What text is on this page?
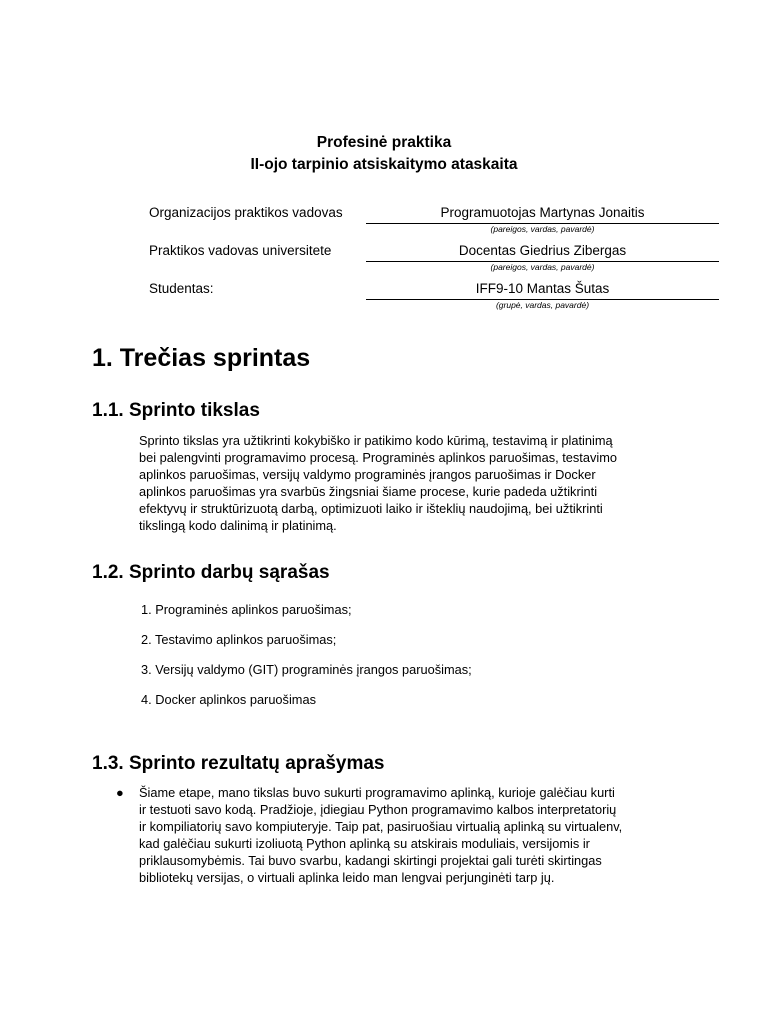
Profesinė praktika

II-ojo tarpinio atsiskaitymo ataskaita

Organizacijos praktikos vadovas	Programuotojas Martynas Jonaitis
(pareigos, vardas, pavardė)
Praktikos vadovas universitete	Docentas Giedrius Zibergas
(pareigos, vardas, pavardė)
Studentas:	IFF9-10 Mantas Šutas
(grupė, vardas, pavardė)
1. Trečias sprintas
1.1. Sprinto tikslas

Sprinto tikslas yra užtikrinti kokybiško ir patikimo kodo kūrimą, testavimą ir platinimą

bei palengvinti programavimo procesą. Programinės aplinkos paruošimas, testavimo

aplinkos paruošimas, versijų valdymo programinės įrangos paruošimas ir Docker

aplinkos paruošimas yra svarbūs žingsniai šiame procese, kurie padeda užtikrinti

efektyvų ir struktūrizuotą darbą, optimizuoti laiko ir išteklių naudojimą, bei užtikrinti

tikslingą kodo dalinimą ir platinimą.

1.2. Sprinto darbų sąrašas

1. Programinės aplinkos paruošimas;

2. Testavimo aplinkos paruošimas;

3. Versijų valdymo (GIT) programinės įrangos paruošimas;

4. Docker aplinkos paruošimas

1.3. Sprinto rezultatų aprašymas
● Šiame etape, mano tikslas buvo sukurti programavimo aplinką, kurioje galėčiau kurti

ir testuoti savo kodą. Pradžioje, įdiegiau Python programavimo kalbos interpretatorių

ir kompiliatorių savo kompiuteryje. Taip pat, pasiruošiau virtualią aplinką su virtualenv,

kad galėčiau sukurti izoliuotą Python aplinką su atskirais moduliais, versijomis ir

priklausomybėmis. Tai buvo svarbu, kadangi skirtingi projektai gali turėti skirtingas

bibliotekų versijas, o virtuali aplinka leido man lengvai perjunginėti tarp jų.
